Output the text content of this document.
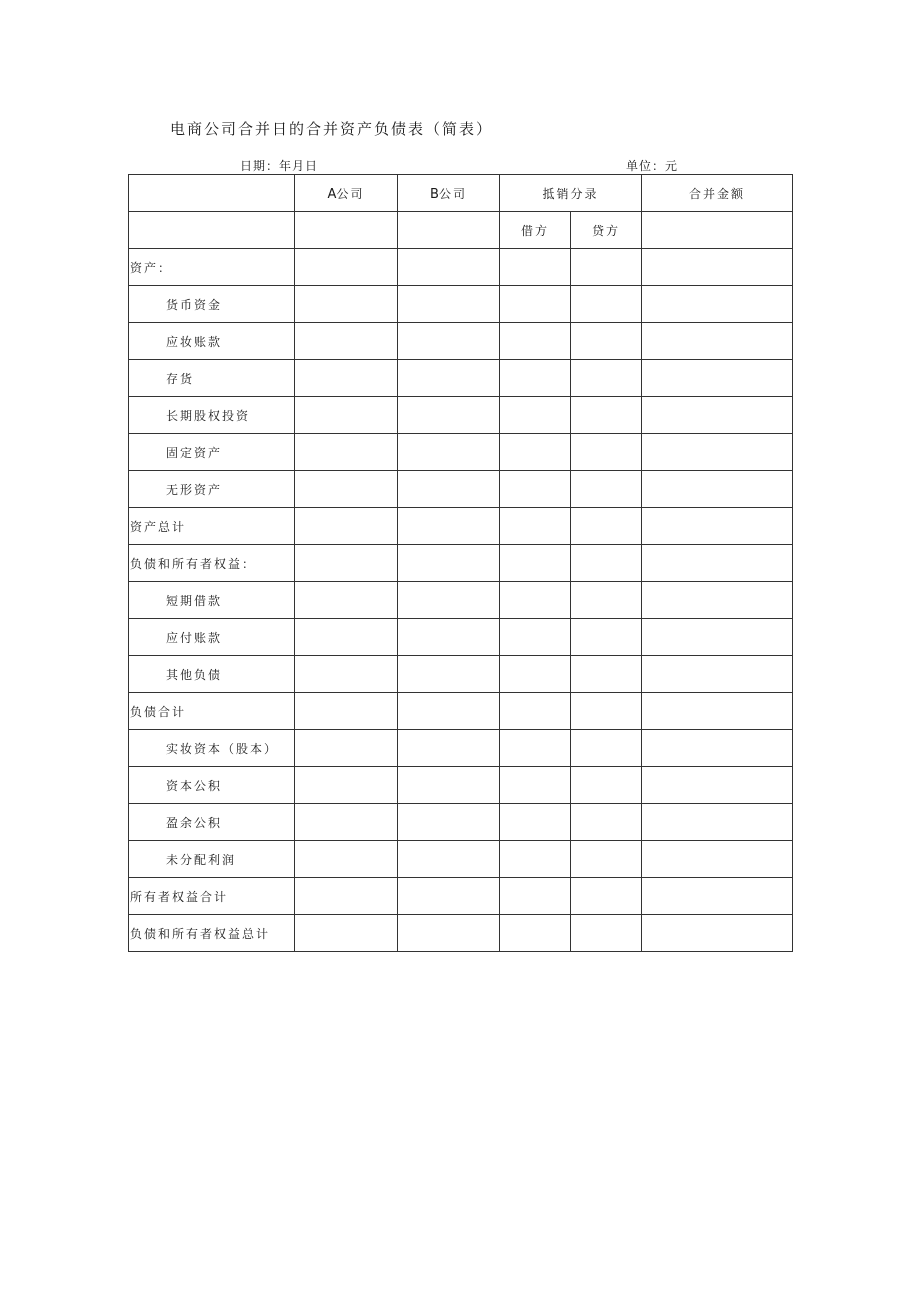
电商公司合并日的合并资产负债表（简表）
日期：年月日	单位：元
	A公司	B公司	抵销分录		合并金额
			借方	贷方	
资产：					
货币资金					
应妆账款					
存货					
长期股权投资					
固定资产					
无形资产					
资产总计					
负债和所有者权益：					
短期借款					
应付账款					
其他负债					
负债合计					
实妆资本（股本）					
资本公积					
盈余公积					
未分配利润					
所有者权益合计					
负债和所有者权益总计					
